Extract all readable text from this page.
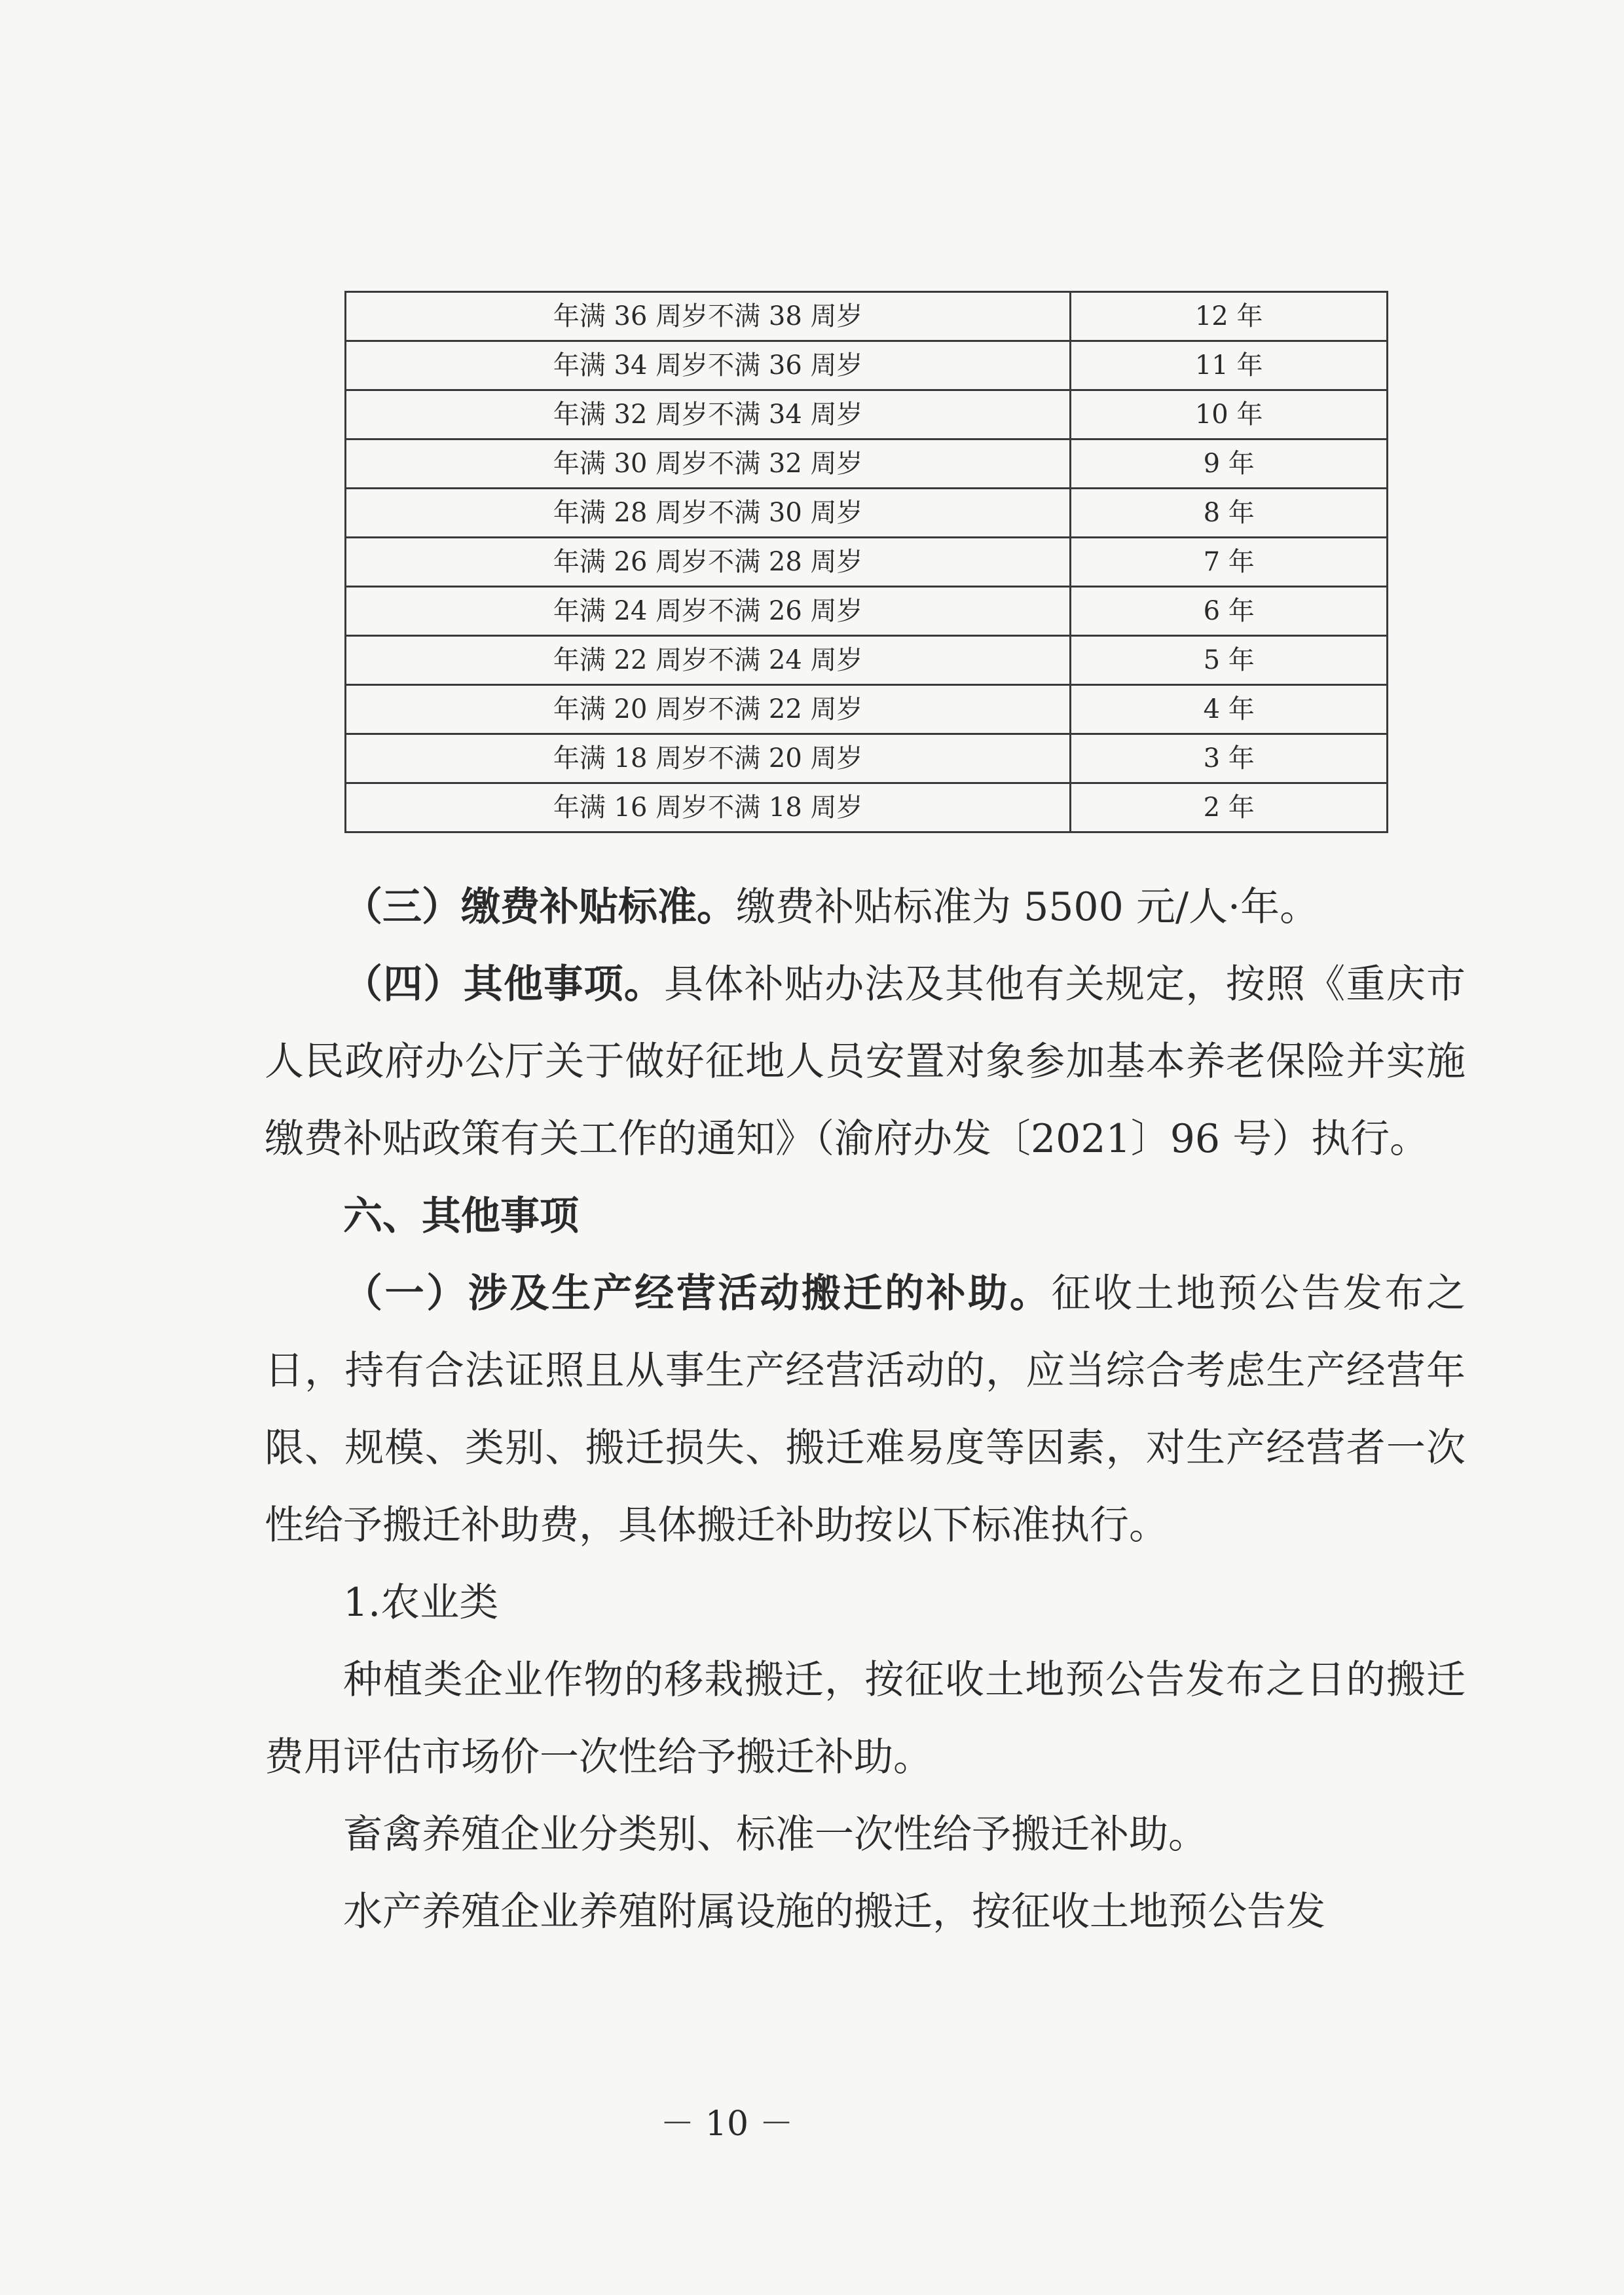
年满 36 周岁不满 38 周岁	12 年
年满 34 周岁不满 36 周岁	11 年
年满 32 周岁不满 34 周岁	10 年
年满 30 周岁不满 32 周岁	9 年
年满 28 周岁不满 30 周岁	8 年
年满 26 周岁不满 28 周岁	7 年
年满 24 周岁不满 26 周岁	6 年
年满 22 周岁不满 24 周岁	5 年
年满 20 周岁不满 22 周岁	4 年
年满 18 周岁不满 20 周岁	3 年
年满 16 周岁不满 18 周岁	2 年

（三）缴费补贴标准。缴费补贴标准为 5500 元/人·年。

（四）其他事项。具体补贴办法及其他有关规定，按照《重庆市人民政府办公厅关于做好征地人员安置对象参加基本养老保险并实施缴费补贴政策有关工作的通知》（渝府办发〔2021〕96 号）执行。

六、其他事项

（一）涉及生产经营活动搬迁的补助。征收土地预公告发布之日，持有合法证照且从事生产经营活动的，应当综合考虑生产经营年限、规模、类别、搬迁损失、搬迁难易度等因素，对生产经营者一次性给予搬迁补助费，具体搬迁补助按以下标准执行。

1.农业类

种植类企业作物的移栽搬迁，按征收土地预公告发布之日的搬迁费用评估市场价一次性给予搬迁补助。

畜禽养殖企业分类别、标准一次性给予搬迁补助。

水产养殖企业养殖附属设施的搬迁，按征收土地预公告发

－ 10 －
